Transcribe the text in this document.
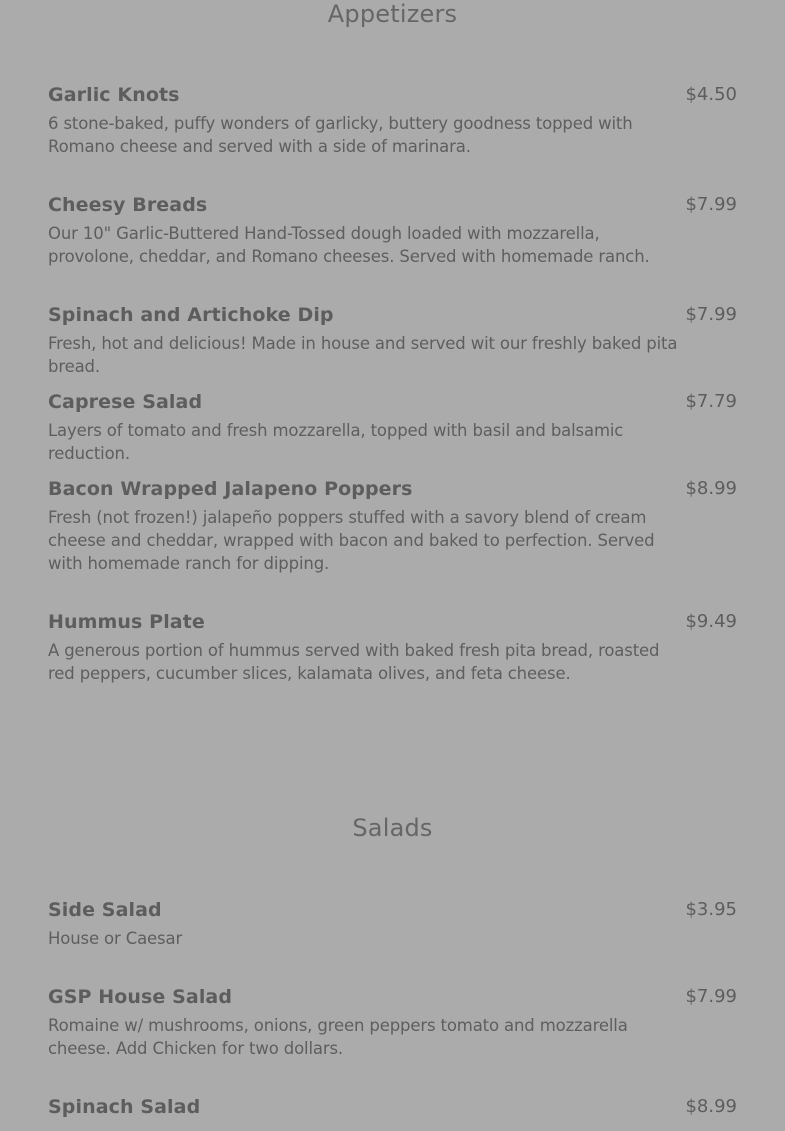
Appetizers
Garlic Knots	$4.50
6 stone-baked, puffy wonders of garlicky, buttery goodness topped with Romano cheese and served with a side of marinara.
Cheesy Breads	$7.99
Our 10" Garlic-Buttered Hand-Tossed dough loaded with mozzarella, provolone, cheddar, and Romano cheeses. Served with homemade ranch.
Spinach and Artichoke Dip	$7.99
Fresh, hot and delicious! Made in house and served wit our freshly baked pita bread.
Caprese Salad	$7.79
Layers of tomato and fresh mozzarella, topped with basil and balsamic reduction.
Bacon Wrapped Jalapeno Poppers	$8.99
Fresh (not frozen!) jalapeño poppers stuffed with a savory blend of cream cheese and cheddar, wrapped with bacon and baked to perfection. Served with homemade ranch for dipping.
Hummus Plate	$9.49
A generous portion of hummus served with baked fresh pita bread, roasted red peppers, cucumber slices, kalamata olives, and feta cheese.
Salads
Side Salad	$3.95
House or Caesar
GSP House Salad	$7.99
Romaine w/ mushrooms, onions, green peppers tomato and mozzarella cheese. Add Chicken for two dollars.
Spinach Salad	$8.99
